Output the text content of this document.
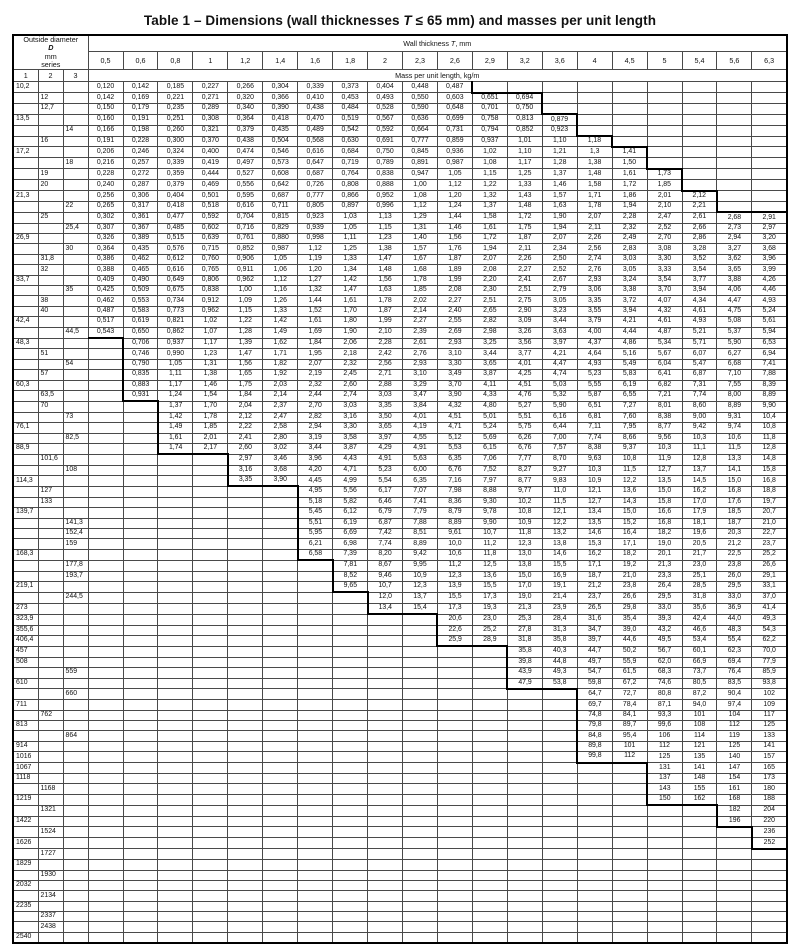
Table 1 – Dimensions (wall thicknesses T ≤ 65 mm) and masses per unit length
Outside diameter
D
mm
series			Wall thickness T, mm																			
			0,5	0,6	0,8	1	1,2	1,4	1,6	1,8	2	2,3	2,6	2,9	3,2	3,6	4	4,5	5	5,4	5,6	6,3
1	2	3	Mass per unit length, kg/m																			
10,2			0,120	0,142	0,185	0,227	0,266	0,304	0,339	0,373	0,404	0,448	0,487									
	12		0,142	0,169	0,221	0,271	0,320	0,366	0,410	0,453	0,493	0,550	0,603	0,651	0,694							
	12,7		0,150	0,179	0,235	0,289	0,340	0,390	0,438	0,484	0,528	0,590	0,648	0,701	0,750							
13,5			0,160	0,191	0,251	0,308	0,364	0,418	0,470	0,519	0,567	0,636	0,699	0,758	0,813	0,879						
		14	0,166	0,198	0,260	0,321	0,379	0,435	0,489	0,542	0,592	0,664	0,731	0,794	0,852	0,923						
	16		0,191	0,228	0,300	0,370	0,438	0,504	0,568	0,630	0,691	0,777	0,859	0,937	1,01	1,10	1,18					
17,2			0,206	0,246	0,324	0,400	0,474	0,546	0,616	0,684	0,750	0,845	0,936	1,02	1,10	1,21	1,3	1,41				
		18	0,216	0,257	0,339	0,419	0,497	0,573	0,647	0,719	0,789	0,891	0,987	1,08	1,17	1,28	1,38	1,50				
	19		0,228	0,272	0,359	0,444	0,527	0,608	0,687	0,764	0,838	0,947	1,05	1,15	1,25	1,37	1,48	1,61	1,73			
	20		0,240	0,287	0,379	0,469	0,556	0,642	0,726	0,808	0,888	1,00	1,12	1,22	1,33	1,46	1,58	1,72	1,85			
21,3			0,256	0,306	0,404	0,501	0,595	0,687	0,777	0,866	0,952	1,08	1,20	1,32	1,43	1,57	1,71	1,86	2,01	2,12		
		22	0,265	0,317	0,418	0,518	0,616	0,711	0,805	0,897	0,996	1,12	1,24	1,37	1,48	1,63	1,78	1,94	2,10	2,21		
	25		0,302	0,361	0,477	0,592	0,704	0,815	0,923	1,03	1,13	1,29	1,44	1,58	1,72	1,90	2,07	2,28	2,47	2,61	2,68	2,91
		25,4	0,307	0,367	0,485	0,602	0,716	0,829	0,939	1,05	1,15	1,31	1,46	1,61	1,75	1,94	2,11	2,32	2,52	2,66	2,73	2,97
26,9			0,326	0,389	0,515	0,639	0,761	0,880	0,998	1,11	1,23	1,40	1,56	1,72	1,87	2,07	2,26	2,49	2,70	2,86	2,94	3,20
		30	0,364	0,435	0,576	0,715	0,852	0,987	1,12	1,25	1,38	1,57	1,76	1,94	2,11	2,34	2,56	2,83	3,08	3,28	3,27	3,68
	31,8		0,386	0,462	0,612	0,760	0,906	1,05	1,19	1,33	1,47	1,67	1,87	2,07	2,26	2,50	2,74	3,03	3,30	3,52	3,62	3,96
	32		0,388	0,465	0,616	0,765	0,911	1,06	1,20	1,34	1,48	1,68	1,89	2,08	2,27	2,52	2,76	3,05	3,33	3,54	3,65	3,99
33,7			0,409	0,490	0,649	0,806	0,962	1,12	1,27	1,42	1,56	1,78	1,99	2,20	2,41	2,67	2,93	3,24	3,54	3,77	3,88	4,26
		35	0,425	0,509	0,675	0,838	1,00	1,16	1,32	1,47	1,63	1,85	2,08	2,30	2,51	2,79	3,06	3,38	3,70	3,94	4,06	4,46
	38		0,462	0,553	0,734	0,912	1,09	1,26	1,44	1,61	1,78	2,02	2,27	2,51	2,75	3,05	3,35	3,72	4,07	4,34	4,47	4,93
	40		0,487	0,583	0,773	0,962	1,15	1,33	1,52	1,70	1,87	2,14	2,40	2,65	2,90	3,23	3,55	3,94	4,32	4,61	4,75	5,24
42,4			0,517	0,619	0,821	1,02	1,22	1,42	1,61	1,80	1,99	2,27	2,55	2,82	3,09	3,44	3,79	4,21	4,61	4,93	5,08	5,61
		44,5	0,543	0,650	0,862	1,07	1,28	1,49	1,69	1,90	2,10	2,39	2,69	2,98	3,26	3,63	4,00	4,44	4,87	5,21	5,37	5,94
48,3				0,706	0,937	1,17	1,39	1,62	1,84	2,06	2,28	2,61	2,93	3,25	3,56	3,97	4,37	4,86	5,34	5,71	5,90	6,53
	51			0,746	0,990	1,23	1,47	1,71	1,95	2,18	2,42	2,76	3,10	3,44	3,77	4,21	4,64	5,16	5,67	6,07	6,27	6,94
		54		0,790	1,05	1,31	1,56	1,82	2,07	2,32	2,56	2,93	3,30	3,65	4,01	4,47	4,93	5,49	6,04	5,47	6,68	7,41
	57			0,835	1,11	1,38	1,65	1,92	2,19	2,45	2,71	3,10	3,49	3,87	4,25	4,74	5,23	5,83	6,41	6,87	7,10	7,88
60,3				0,883	1,17	1,46	1,75	2,03	2,32	2,60	2,88	3,29	3,70	4,11	4,51	5,03	5,55	6,19	6,82	7,31	7,55	8,39
	63,5			0,931	1,24	1,54	1,84	2,14	2,44	2,74	3,03	3,47	3,90	4,33	4,76	5,32	5,87	6,55	7,21	7,74	8,00	8,89
	70				1,37	1,70	2,04	2,37	2,70	3,03	3,35	3,84	4,32	4,80	5,27	5,90	6,51	7,27	8,01	8,60	8,89	9,90
		73			1,42	1,78	2,12	2,47	2,82	3,16	3,50	4,01	4,51	5,01	5,51	6,16	6,81	7,60	8,38	9,00	9,31	10,4
76,1					1,49	1,85	2,22	2,58	2,94	3,30	3,65	4,19	4,71	5,24	5,75	6,44	7,11	7,95	8,77	9,42	9,74	10,8
		82,5			1,61	2,01	2,41	2,80	3,19	3,58	3,97	4,55	5,12	5,69	6,26	7,00	7,74	8,66	9,56	10,3	10,6	11,8
88,9					1,74	2,17	2,60	3,02	3,44	3,87	4,29	4,91	5,53	6,15	6,76	7,57	8,38	9,37	10,3	11,1	11,5	12,8
	101,6						2,97	3,46	3,96	4,43	4,91	5,63	6,35	7,06	7,77	8,70	9,63	10,8	11,9	12,8	13,3	14,8
		108					3,16	3,68	4,20	4,71	5,23	6,00	6,76	7,52	8,27	9,27	10,3	11,5	12,7	13,7	14,1	15,8
114,3							3,35	3,90	4,45	4,99	5,54	6,35	7,16	7,97	8,77	9,83	10,9	12,2	13,5	14,5	15,0	16,8
	127								4,95	5,56	6,17	7,07	7,98	8,88	9,77	11,0	12,1	13,6	15,0	16,2	16,8	18,8
	133								5,18	5,82	6,46	7,41	8,36	9,30	10,2	11,5	12,7	14,3	15,8	17,0	17,6	19,7
139,7									5,45	6,12	6,79	7,79	8,79	9,78	10,8	12,1	13,4	15,0	16,6	17,9	18,5	20,7
		141,3							5,51	6,19	6,87	7,88	8,89	9,90	10,9	12,2	13,5	15,2	16,8	18,1	18,7	21,0
		152,4							5,95	6,69	7,42	8,51	9,61	10,7	11,8	13,2	14,6	16,4	18,2	19,6	20,3	22,7
		159							6,21	6,98	7,74	8,89	10,0	11,2	12,3	13,8	15,3	17,1	19,0	20,5	21,2	23,7
168,3									6,58	7,39	8,20	9,42	10,6	11,8	13,0	14,6	16,2	18,2	20,1	21,7	22,5	25,2
		177,8								7,81	8,67	9,95	11,2	12,5	13,8	15,5	17,1	19,2	21,3	23,0	23,8	26,6
		193,7								8,52	9,46	10,9	12,3	13,6	15,0	16,9	18,7	21,0	23,3	25,1	26,0	29,1
219,1										9,65	10,7	12,3	13,9	15,5	17,0	19,1	21,2	23,8	26,4	28,5	29,5	33,1
		244,5									12,0	13,7	15,5	17,3	19,0	21,4	23,7	26,6	29,5	31,8	33,0	37,0
273											13,4	15,4	17,3	19,3	21,3	23,9	26,5	29,8	33,0	35,6	36,9	41,4
323,9													20,6	23,0	25,3	28,4	31,6	35,4	39,3	42,4	44,0	49,3
355,6													22,6	25,2	27,8	31,3	34,7	39,0	43,2	46,6	48,3	54,3
406,4													25,9	28,9	31,8	35,8	39,7	44,6	49,5	53,4	55,4	62,2
457															35,8	40,3	44,7	50,2	56,7	60,1	62,3	70,0
508															39,8	44,8	49,7	55,9	62,0	66,9	69,4	77,9
		559													43,9	49,3	54,7	61,5	68,3	73,7	76,4	85,9
610															47,9	53,8	59,8	67,2	74,6	80,5	83,5	93,8
		660															64,7	72,7	80,8	87,2	90,4	102
711																	69,7	78,4	87,1	94,0	97,4	109
	762																74,8	84,1	93,3	101	104	117
813																	79,8	89,7	99,6	108	112	125
		864															84,8	95,4	106	114	119	133
914																	89,8	101	112	121	125	141
1016																	99,8	112	125	135	140	157
1067																			131	141	147	165
1118																			137	148	154	173
	1168																		143	155	161	180
1219																			150	162	168	188
	1321																				182	204
1422																					196	220
	1524																					236
1626																						252
	1727																					
1829																						
	1930																					
2032																						
	2134																					
2235																						
	2337																					
	2438																					
2540																						
